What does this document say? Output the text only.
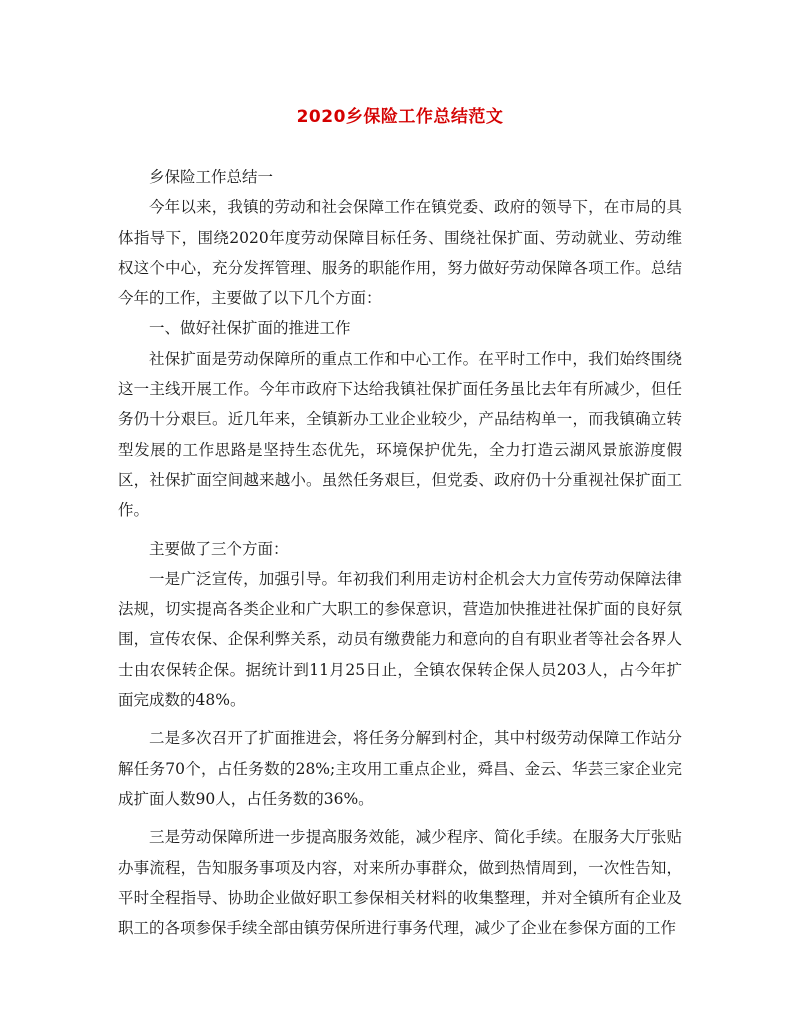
2020乡保险工作总结范文

乡保险工作总结一

今年以来，我镇的劳动和社会保障工作在镇党委、政府的领导下，在市局的具体指导下，围绕2020年度劳动保障目标任务、围绕社保扩面、劳动就业、劳动维权这个中心，充分发挥管理、服务的职能作用，努力做好劳动保障各项工作。总结今年的工作，主要做了以下几个方面：

一、做好社保扩面的推进工作

社保扩面是劳动保障所的重点工作和中心工作。在平时工作中，我们始终围绕这一主线开展工作。今年市政府下达给我镇社保扩面任务虽比去年有所减少，但任务仍十分艰巨。近几年来，全镇新办工业企业较少，产品结构单一，而我镇确立转型发展的工作思路是坚持生态优先，环境保护优先，全力打造云湖风景旅游度假区，社保扩面空间越来越小。虽然任务艰巨，但党委、政府仍十分重视社保扩面工作。

主要做了三个方面：

一是广泛宣传，加强引导。年初我们利用走访村企机会大力宣传劳动保障法律法规，切实提高各类企业和广大职工的参保意识，营造加快推进社保扩面的良好氛围，宣传农保、企保利弊关系，动员有缴费能力和意向的自有职业者等社会各界人士由农保转企保。据统计到11月25日止，全镇农保转企保人员203人，占今年扩面完成数的48%。

二是多次召开了扩面推进会，将任务分解到村企，其中村级劳动保障工作站分解任务70个，占任务数的28%;主攻用工重点企业，舜昌、金云、华芸三家企业完成扩面人数90人，占任务数的36%。

三是劳动保障所进一步提高服务效能，减少程序、简化手续。在服务大厅张贴办事流程，告知服务事项及内容，对来所办事群众，做到热情周到，一次性告知，平时全程指导、协助企业做好职工参保相关材料的收集整理，并对全镇所有企业及职工的各项参保手续全部由镇劳保所进行事务代理，减少了企业在参保方面的工作
